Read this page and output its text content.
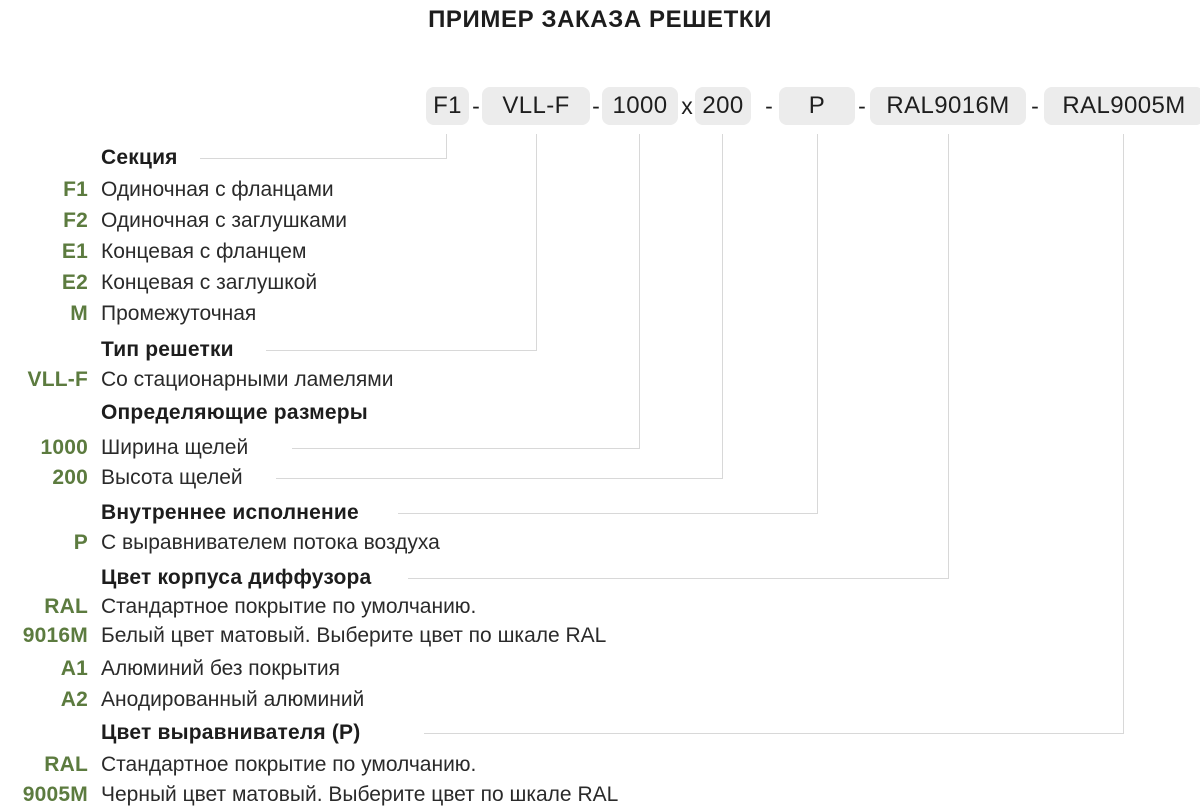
ПРИМЕР ЗАКАЗА РЕШЕТКИ
F1 - VLL-F - 1000 x 200 -	P	- RAL9016M - RAL9005M
Секция
F1 Одиночная с фланцами
F2 Одиночная с заглушками
E1 Концевая с фланцем
E2 Концевая с заглушкой
M Промежуточная
Тип решетки
VLL-F Со стационарными ламелями
Определяющие размеры
1000 Ширина щелей
200 Высота щелей
Внутреннее исполнение
P С выравнивателем потока воздуха
Цвет корпуса диффузора
RAL Стандартное покрытие по умолчанию.
9016M Белый цвет матовый. Выберите цвет по шкале RAL
A1 Алюминий без покрытия
A2 Анодированный алюминий
Цвет выравнивателя (P)
RAL Стандартное покрытие по умолчанию.
9005M Черный цвет матовый. Выберите цвет по шкале RAL
